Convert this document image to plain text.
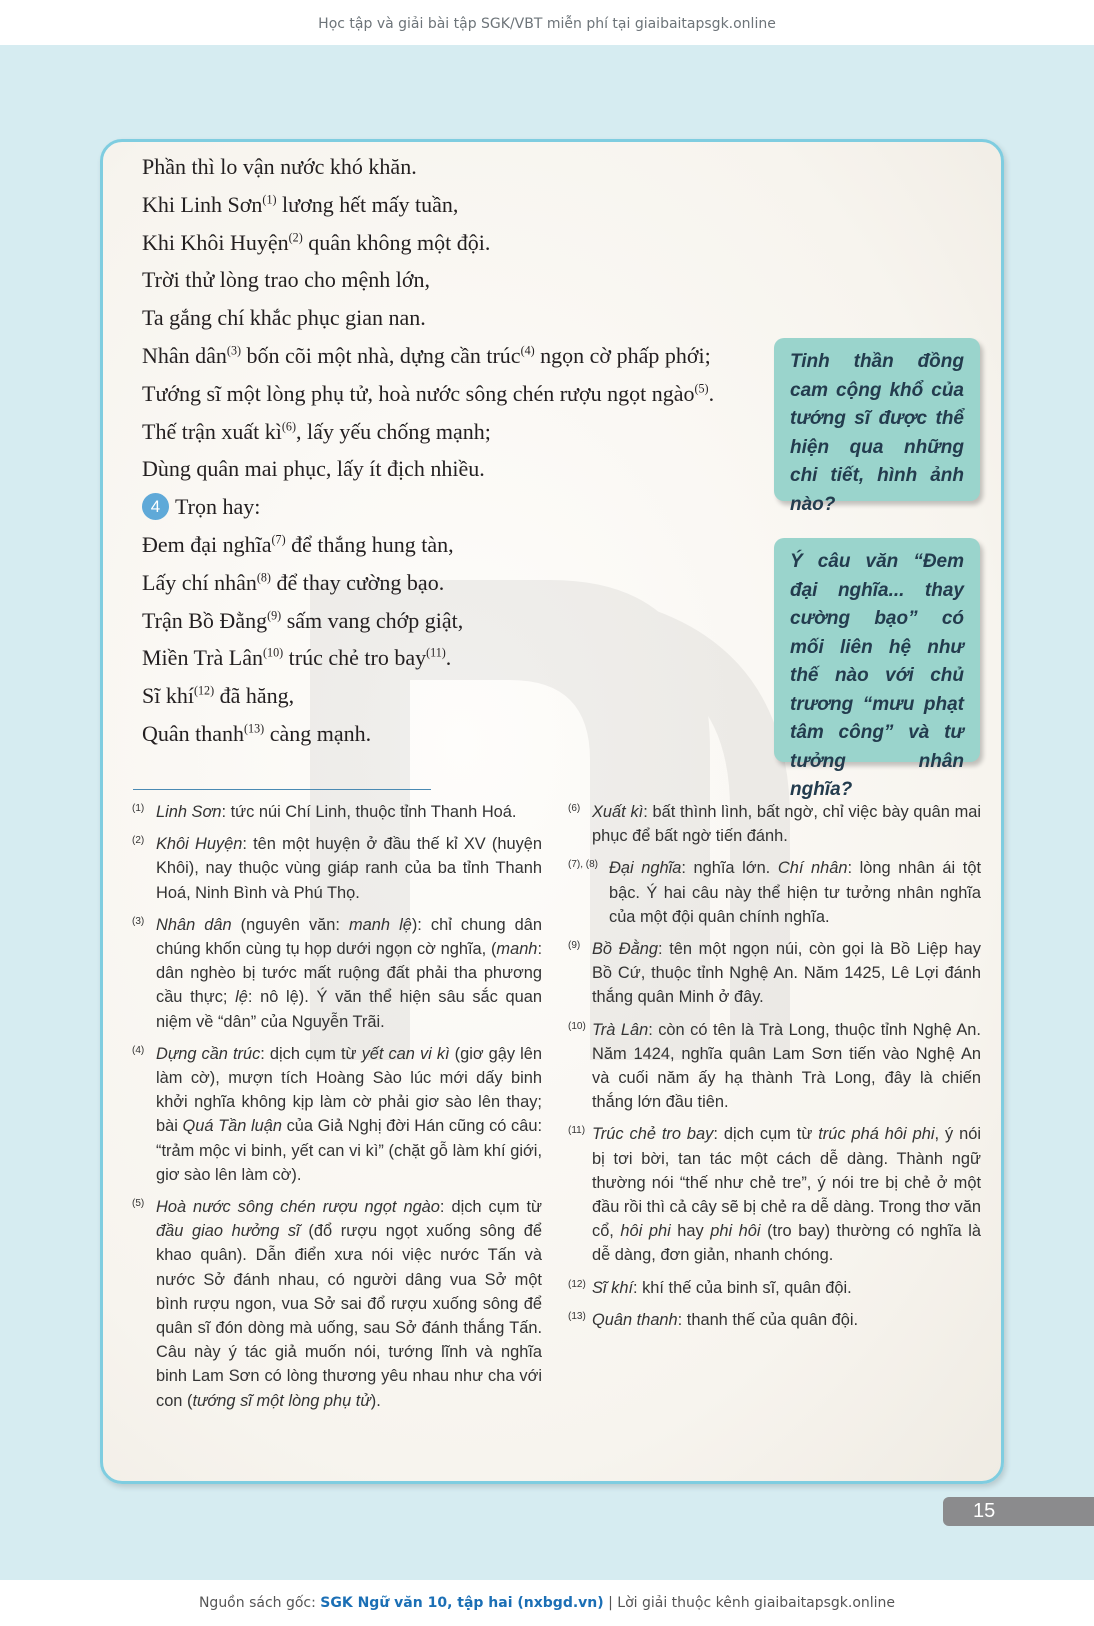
Học tập và giải bài tập SGK/VBT miễn phí tại giaibaitapsgk.online
Phần thì lo vận nước khó khăn.
Khi Linh Sơn$^{(1)}$ lương hết mấy tuần,
Khi Khôi Huyện$^{(2)}$ quân không một đội.
Trời thử lòng trao cho mệnh lớn,
Ta gắng chí khắc phục gian nan.
Nhân dân$^{(3)}$ bốn cõi một nhà, dựng cần trúc$^{(4)}$ ngọn cờ phấp phới;
Tướng sĩ một lòng phụ tử, hoà nước sông chén rượu ngọt ngào$^{(5)}$.
Thế trận xuất $kì^{(6)}$, lấy yếu chống mạnh;
Dùng quân mai phục, lấy ít địch nhiều.
4 Trọn hay:
Đem đại nghĩa$^{(7)}$ để thắng hung tàn,
Lấy chí nhân$^{(8)}$ để thay cường bạo.
Trận Bồ Đằng$^{(9)}$ sấm vang chớp giật,
Miền Trà Lân$^{(10)}$ trúc chẻ tro bay$^{(11)}$.
Sĩ khí$^{(12)}$ đã hăng,
Quân thanh$^{(13)}$ càng mạnh.
Tinh thần đồng cam cộng khổ của tướng sĩ được thể hiện qua những chi tiết, hình ảnh nào?
Ý câu văn “Đem đại nghĩa... thay cường bạo” có mối liên hệ như thế nào với chủ trương “mưu phạt tâm công” và tư tưởng nhân nghĩa?
(1) Linh Sơn: tức núi Chí Linh, thuộc tỉnh Thanh Hoá.
(2) Khôi Huyện: tên một huyện ở đầu thế kỉ XV (huyện Khôi), nay thuộc vùng giáp ranh của ba tỉnh Thanh Hoá, Ninh Bình và Phú Thọ.
(3) Nhân dân (nguyên văn: manh lệ): chỉ chung dân chúng khốn cùng tụ họp dưới ngọn cờ nghĩa, (manh: dân nghèo bị tước mất ruộng đất phải tha phương cầu thực; lệ: nô lệ). Ý văn thể hiện sâu sắc quan niệm về “dân” của Nguyễn Trãi.
(4) Dựng cần trúc: dịch cụm từ yết can vi kì (giơ gậy lên làm cờ), mượn tích Hoàng Sào lúc mới dấy binh khởi nghĩa không kịp làm cờ phải giơ sào lên thay; bài Quá Tần luận của Giả Nghị đời Hán cũng có câu: “trảm mộc vi binh, yết can vi kì” (chặt gỗ làm khí giới, giơ sào lên làm cờ).
(5) Hoà nước sông chén rượu ngọt ngào: dịch cụm từ đầu giao hưởng sĩ (đổ rượu ngọt xuống sông để khao quân). Dẫn điển xưa nói việc nước Tấn và nước Sở đánh nhau, có người dâng vua Sở một bình rượu ngon, vua Sở sai đổ rượu xuống sông để quân sĩ đón dòng mà uống, sau Sở đánh thắng Tấn. Câu này ý tác giả muốn nói, tướng lĩnh và nghĩa binh Lam Sơn có lòng thương yêu nhau như cha với con (tướng sĩ một lòng phụ tử).
(6) Xuất kì: bất thình lình, bất ngờ, chỉ việc bày quân mai phục để bất ngờ tiến đánh.
(7), (8) Đại nghĩa: nghĩa lớn. Chí nhân: lòng nhân ái tột bậc. Ý hai câu này thể hiện tư tưởng nhân nghĩa của một đội quân chính nghĩa.
(9) Bồ Đằng: tên một ngọn núi, còn gọi là Bồ Liệp hay Bồ Cứ, thuộc tỉnh Nghệ An. Năm 1425, Lê Lợi đánh thắng quân Minh ở đây.
(10) Trà Lân: còn có tên là Trà Long, thuộc tỉnh Nghệ An. Năm 1424, nghĩa quân Lam Sơn tiến vào Nghệ An và cuối năm ấy hạ thành Trà Long, đây là chiến thắng lớn đầu tiên.
(11) Trúc chẻ tro bay: dịch cụm từ trúc phá hôi phi, ý nói bị tơi bời, tan tác một cách dễ dàng. Thành ngữ thường nói “thế như chẻ tre”, ý nói tre bị chẻ ở một đầu rồi thì cả cây sẽ bị chẻ ra dễ dàng. Trong thơ văn cổ, hôi phi hay phi hôi (tro bay) thường có nghĩa là dễ dàng, đơn giản, nhanh chóng.
(12) Sĩ khí: khí thế của binh sĩ, quân đội.
(13) Quân thanh: thanh thế của quân đội.
15
Nguồn sách gốc: SGK Ngữ văn 10, tập hai (nxbgd.vn) | Lời giải thuộc kênh giaibaitapsgk.online
